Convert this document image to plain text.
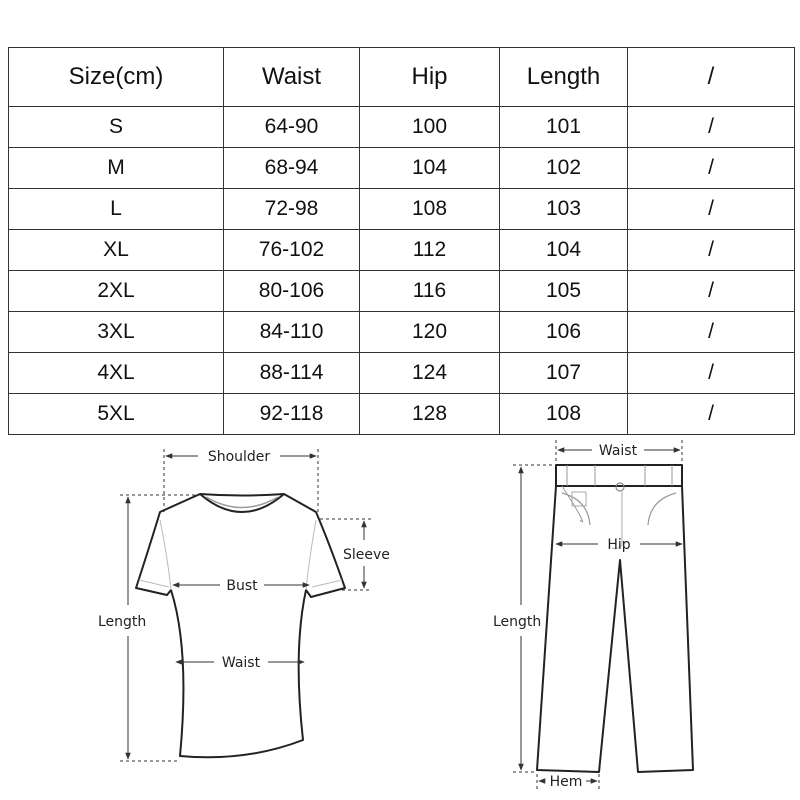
Size(cm)	Waist	Hip	Length	/
S	64-90	100	101	/
M	68-94	104	102	/
L	72-98	108	103	/
XL	76-102	112	104	/
2XL	80-106	116	105	/
3XL	84-110	120	106	/
4XL	88-114	124	107	/
5XL	92-118	128	108	/
Shoulder
Sleeve
Bust
Length
Waist
Waist
Hip
Length
Hem
